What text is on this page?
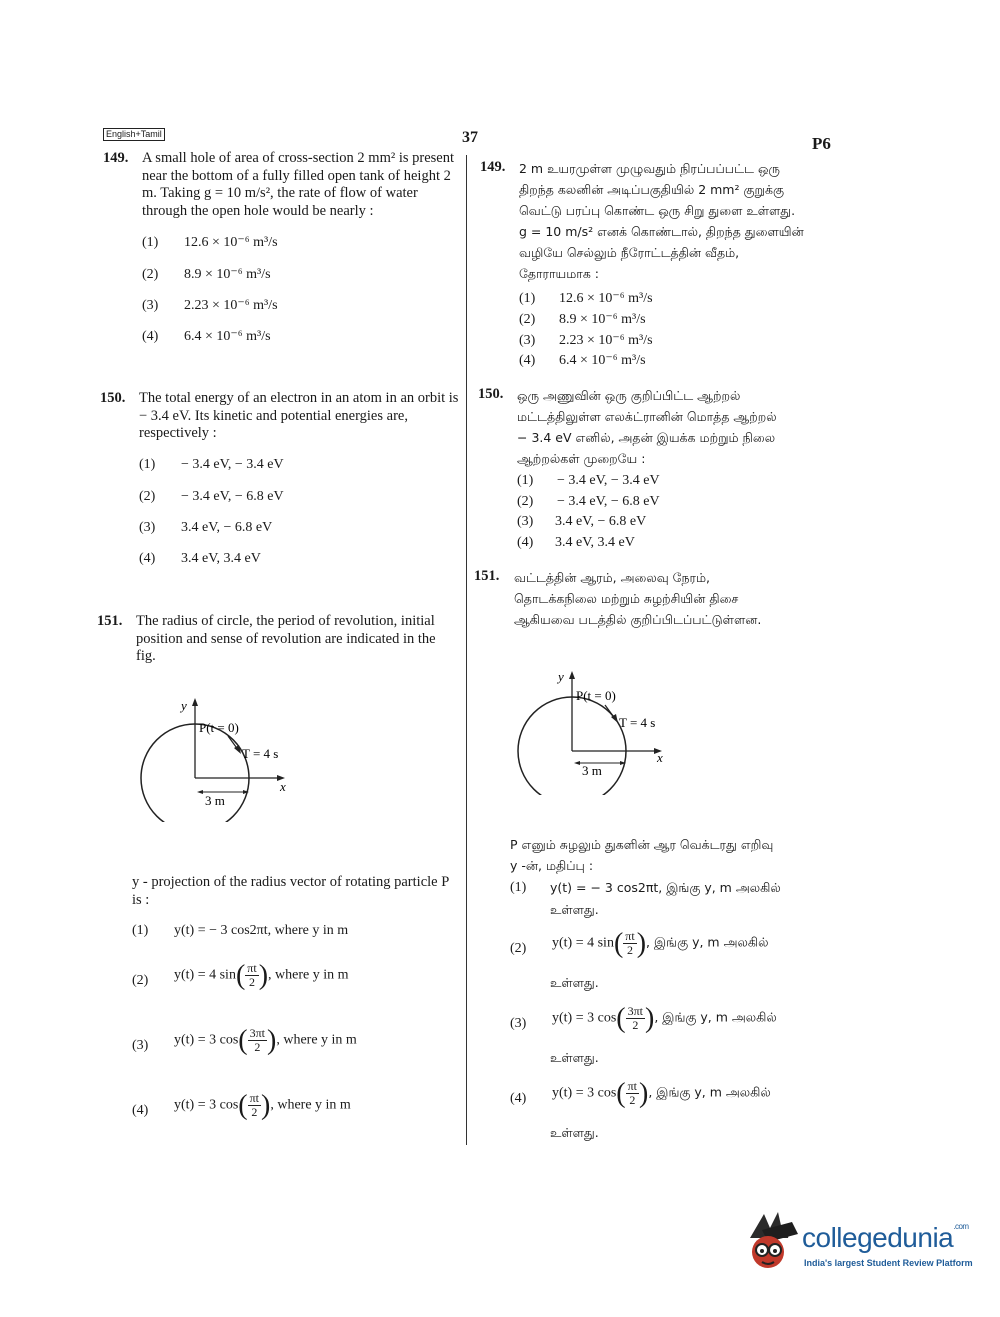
English+Tamil	37	P6
149. A small hole of area of cross-section 2 mm² is present near the bottom of a fully filled open tank of height 2 m. Taking g = 10 m/s², the rate of flow of water through the open hole would be nearly :
(1) 12.6 × 10⁻⁶ m³/s
(2) 8.9 × 10⁻⁶ m³/s
(3) 2.23 × 10⁻⁶ m³/s
(4) 6.4 × 10⁻⁶ m³/s
150. The total energy of an electron in an atom in an orbit is − 3.4 eV. Its kinetic and potential energies are, respectively :
(1) − 3.4 eV, − 3.4 eV
(2) − 3.4 eV, − 6.8 eV
(3) 3.4 eV, − 6.8 eV
(4) 3.4 eV, 3.4 eV
151. The radius of circle, the period of revolution, initial position and sense of revolution are indicated in the fig.
y
x
P(t = 0)
T = 4 s
3 m
y - projection of the radius vector of rotating particle P is :
(1) y(t) = − 3 cos2πt, where y in m
(2) y(t) = 4 $\sin( \frac{\pi t}{2}$ ), where y in m
(3) y(t) = 3 $\cos( \frac{3\pi t}{2}$ ), where y in m
(4) y(t) = 3 $\cos( \frac{\pi t}{2}$ ), where y in m
149. 2 m உயரமுள்ள முழுவதும் நிரப்பப்பட்ட ஒரு
திறந்த கலனின் அடிப்பகுதியில் 2 mm² குறுக்கு
வெட்டு பரப்பு கொண்ட ஒரு சிறு துளை உள்ளது.
g = 10 m/s² எனக் கொண்டால், திறந்த துளையின்
வழியே செல்லும் நீரோட்டத்தின் வீதம்,
தோராயமாக :
(1) 12.6 × 10⁻⁶ m³/s
(2) 8.9 × 10⁻⁶ m³/s
(3) 2.23 × 10⁻⁶ m³/s
(4) 6.4 × 10⁻⁶ m³/s
150. ஒரு அணுவின் ஒரு குறிப்பிட்ட ஆற்றல்
மட்டத்திலுள்ள எலக்ட்ரானின் மொத்த ஆற்றல்
− 3.4 eV எனில், அதன் இயக்க மற்றும் நிலை
ஆற்றல்கள் முறையே :
(1) − 3.4 eV, − 3.4 eV
(2) − 3.4 eV, − 6.8 eV
(3) 3.4 eV, − 6.8 eV
(4) 3.4 eV, 3.4 eV
151. வட்டத்தின் ஆரம், அலைவு நேரம்,
தொடக்கநிலை மற்றும் சுழற்சியின் திசை
ஆகியவை படத்தில் குறிப்பிடப்பட்டுள்ளன.
y
x
P(t = 0)
T = 4 s
3 m
P எனும் சுழலும் துகளின் ஆர வெக்டரது எறிவு
y -ன், மதிப்பு :
(1) y(t) = − 3 cos2πt, இங்கு y, m அலகில்
உள்ளது.
(2) y(t) = 4 $\sin( \frac{\pi t}{2}$ ), இங்கு y, m அலகில்
உள்ளது.
(3) y(t) = 3 $\cos( \frac{3\pi t}{2}$ ), இங்கு y, m அலகில்
உள்ளது.
(4) y(t) = 3 $\cos( \frac{\pi t}{2}$ ), இங்கு y, m அலகில்
உள்ளது.
collegedunia$^{.com}$
India's largest Student Review Platform
